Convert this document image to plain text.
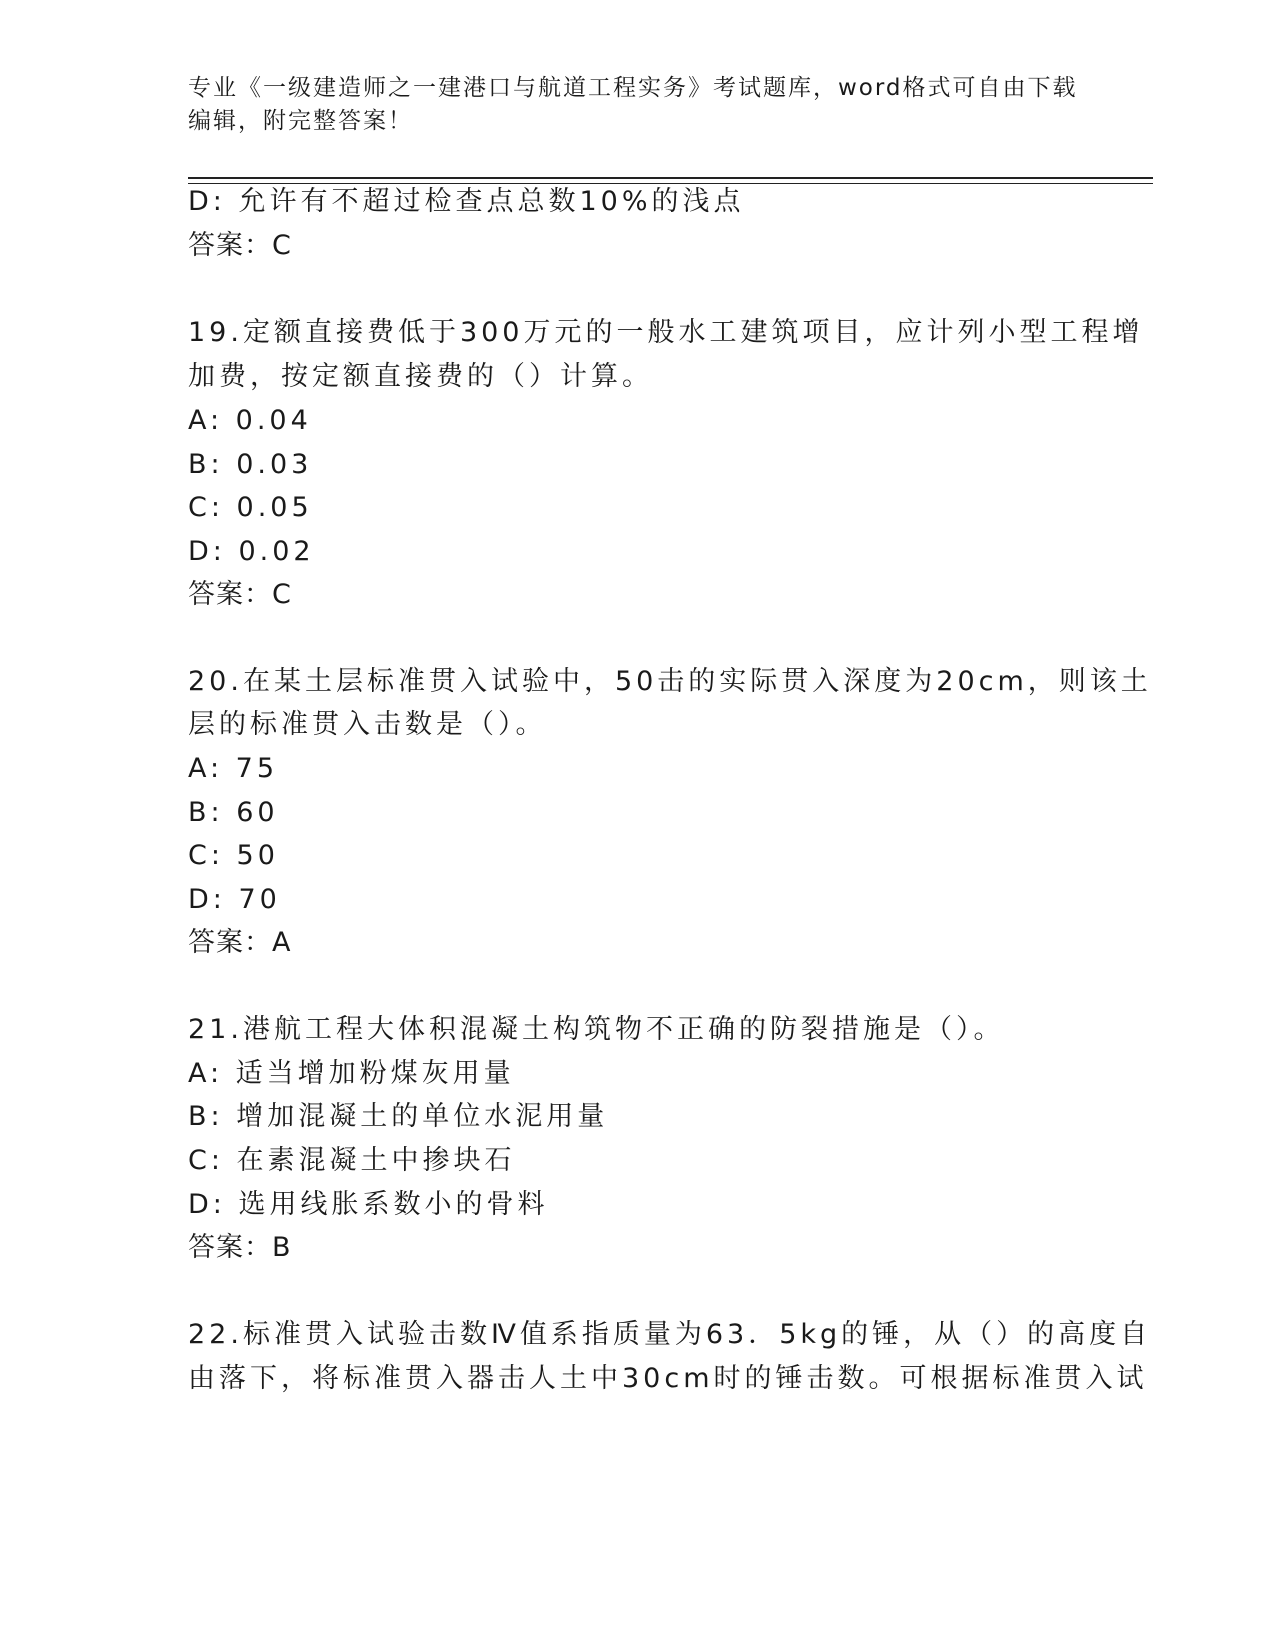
专业《一级建造师之一建港口与航道工程实务》考试题库，word格式可自由下载
编辑，附完整答案！
D: 允许有不超过检查点总数10%的浅点
答案：C
19.定额直接费低于300万元的一般水工建筑项目，应计列小型工程增
加费，按定额直接费的（）计算。
A: 0.04
B: 0.03
C: 0.05
D: 0.02
答案：C
20.在某土层标准贯入试验中，50击的实际贯入深度为20cm，则该土
层的标准贯入击数是（）。
A: 75
B: 60
C: 50
D: 70
答案：A
21.港航工程大体积混凝土构筑物不正确的防裂措施是（）。
A: 适当增加粉煤灰用量
B: 增加混凝土的单位水泥用量
C: 在素混凝土中掺块石
D: 选用线胀系数小的骨料
答案：B
22.标准贯入试验击数Ⅳ值系指质量为63．5kg的锤，从（）的高度自
由落下，将标准贯入器击人土中30cm时的锤击数。可根据标准贯入试
